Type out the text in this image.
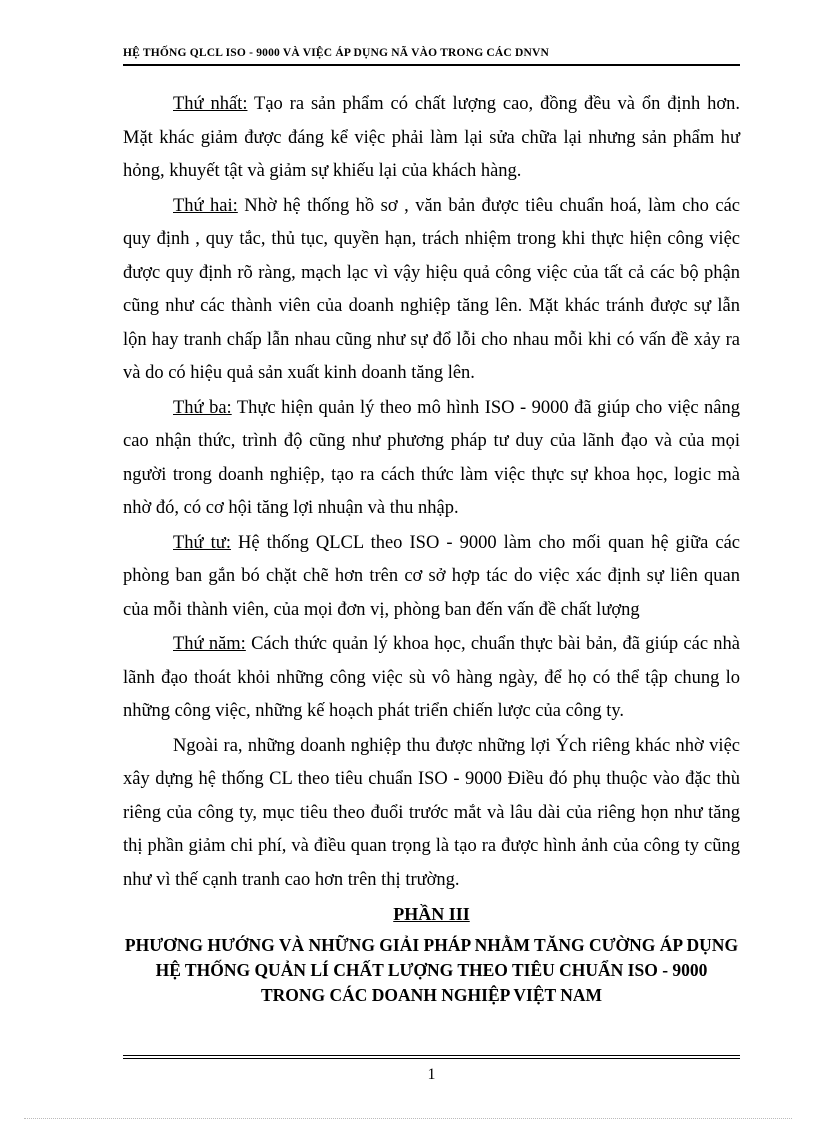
HỆ THỐNG QLCL ISO - 9000 VÀ VIỆC ÁP DỤNG NÃ VÀO TRONG CÁC DNVN

Thứ nhất: Tạo ra sản phẩm có chất lượng cao, đồng đều và ổn định hơn. Mặt khác giảm được đáng kể việc phải làm lại sửa chữa lại nhưng sản phẩm hư hỏng, khuyết tật và giảm sự khiếu lại của khách hàng.

Thứ hai: Nhờ hệ thống hồ sơ , văn bản được tiêu chuẩn hoá, làm cho các quy định , quy tắc, thủ tục, quyền hạn, trách nhiệm trong khi thực hiện công việc được quy định rõ ràng, mạch lạc vì vậy hiệu quả công việc của tất cả các bộ phận cũng như các thành viên của doanh nghiệp tăng lên. Mặt khác tránh được sự lẫn lộn hay tranh chấp lẫn nhau cũng như sự đổ lỗi cho nhau mỗi khi có vấn đề xảy ra và do có hiệu quả sản xuất kinh doanh tăng lên.

Thứ ba: Thực hiện quản lý theo mô hình ISO - 9000 đã giúp cho việc nâng cao nhận thức, trình độ cũng như phương pháp tư duy của lãnh đạo và của mọi người trong doanh nghiệp, tạo ra cách thức làm việc thực sự khoa học, logic mà nhờ đó, có cơ hội tăng lợi nhuận và thu nhập.

Thứ tư: Hệ thống QLCL theo ISO - 9000 làm cho mối quan hệ giữa các phòng ban gắn bó chặt chẽ hơn trên cơ sở hợp tác do việc xác định sự liên quan của mỗi thành viên, của mọi đơn vị, phòng ban đến vấn đề chất lượng

Thứ năm: Cách thức quản lý khoa học, chuẩn thực bài bản, đã giúp các nhà lãnh đạo thoát khỏi những công việc sù vô hàng ngày, để họ có thể tập chung lo những công việc, những kế hoạch phát triển chiến lược của công ty.

Ngoài ra, những doanh nghiệp thu được những lợi Ých riêng khác nhờ việc xây dựng hệ thống CL theo tiêu chuẩn ISO - 9000 Điều đó phụ thuộc vào đặc thù riêng của công ty, mục tiêu theo đuổi trước mắt và lâu dài của riêng họn như tăng thị phần giảm chi phí, và điều quan trọng là tạo ra được hình ảnh của công ty cũng như vì thế cạnh tranh cao hơn trên thị trường.

PHẦN III
PHƯƠNG HƯỚNG VÀ NHỮNG GIẢI PHÁP NHẰM TĂNG CƯỜNG ÁP DỤNG HỆ THỐNG QUẢN LÍ CHẤT LƯỢNG THEO TIÊU CHUẨN ISO - 9000 TRONG CÁC DOANH NGHIỆP VIỆT NAM
1
